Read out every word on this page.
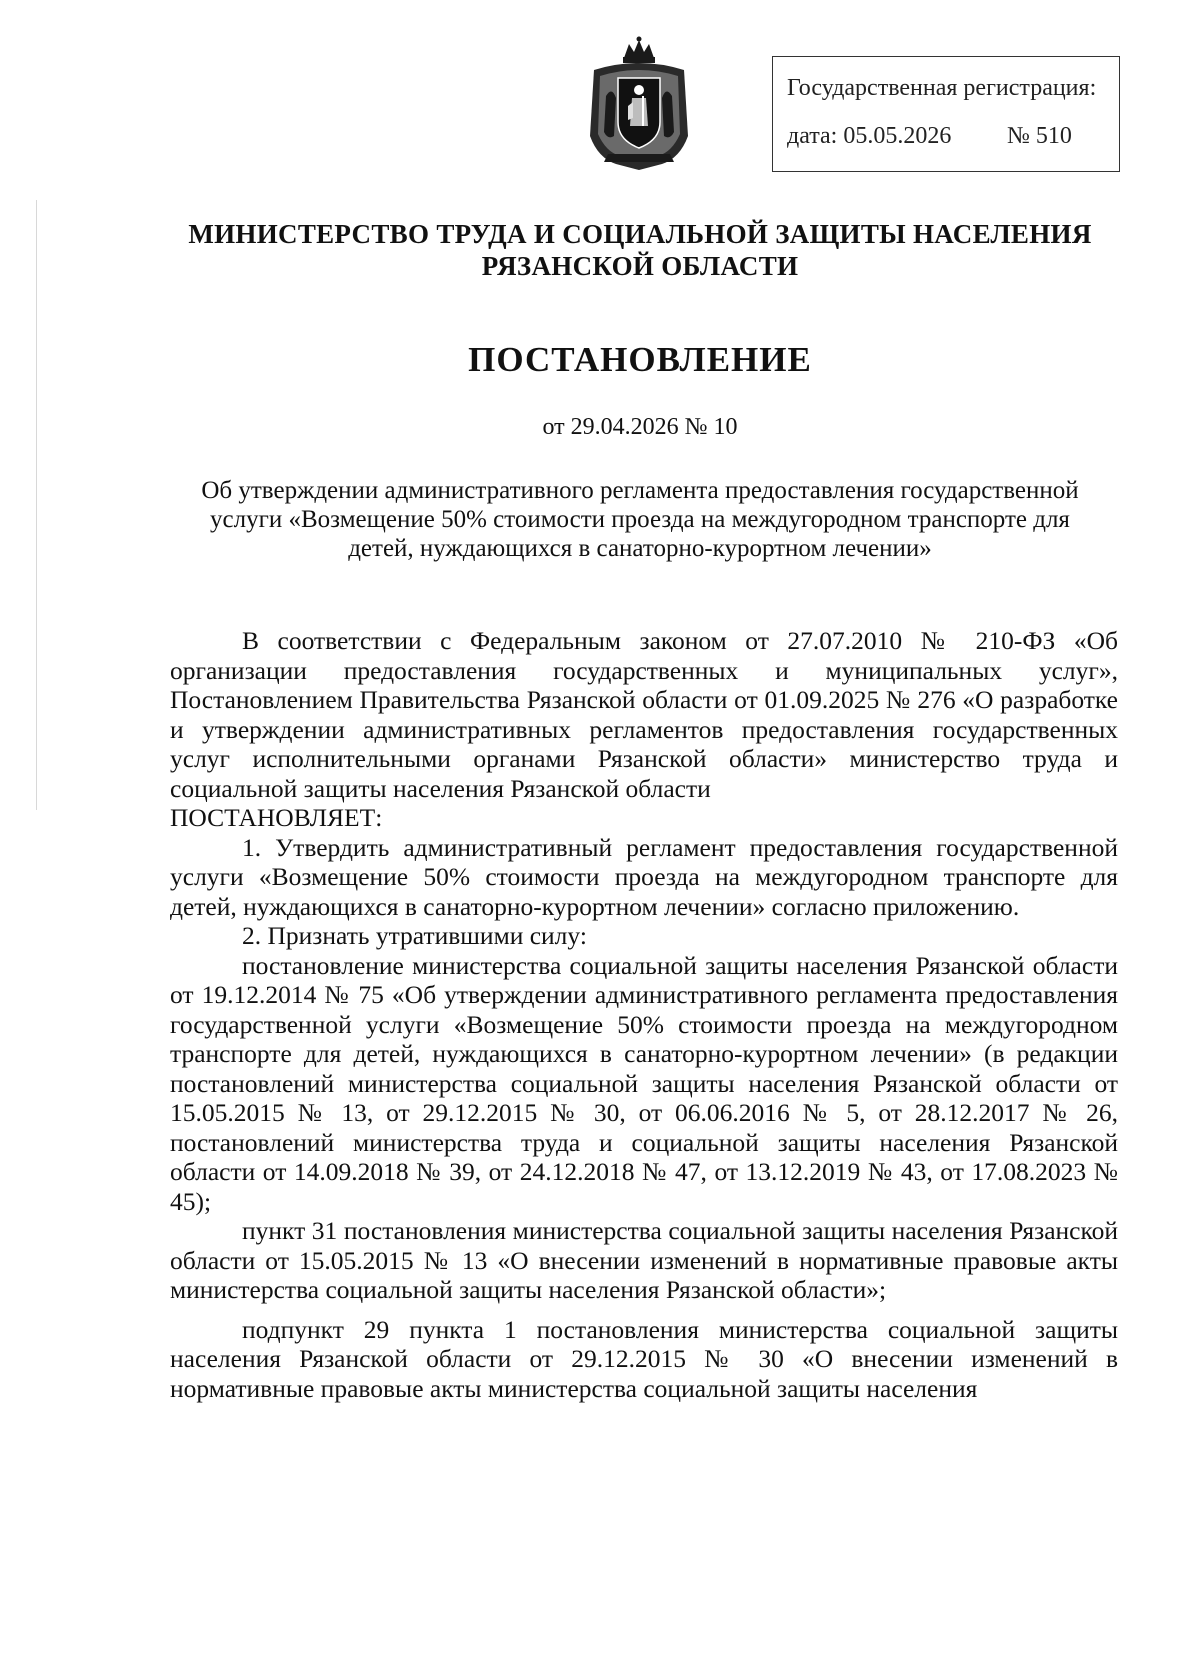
Государственная регистрация:
дата: 05.05.2026 № 510
МИНИСТЕРСТВО ТРУДА И СОЦИАЛЬНОЙ ЗАЩИТЫ НАСЕЛЕНИЯ
РЯЗАНСКОЙ ОБЛАСТИ
ПОСТАНОВЛЕНИЕ
от 29.04.2026 № 10
Об утверждении административного регламента предоставления государственной услуги «Возмещение 50% стоимости проезда на междугородном транспорте для детей, нуждающихся в санаторно-курортном лечении»

В соответствии с Федеральным законом от 27.07.2010 № 210-ФЗ «Об организации предоставления государственных и муниципальных услуг», Постановлением Правительства Рязанской области от 01.09.2025 № 276 «О разработке и утверждении административных регламентов предоставления государственных услуг исполнительными органами Рязанской области» министерство труда и социальной защиты населения Рязанской области

ПОСТАНОВЛЯЕТ:

1. Утвердить административный регламент предоставления государственной услуги «Возмещение 50% стоимости проезда на междугородном транспорте для детей, нуждающихся в санаторно-курортном лечении» согласно приложению.

2. Признать утратившими силу:

постановление министерства социальной защиты населения Рязанской области от 19.12.2014 № 75 «Об утверждении административного регламента предоставления государственной услуги «Возмещение 50% стоимости проезда на междугородном транспорте для детей, нуждающихся в санаторно-курортном лечении» (в редакции постановлений министерства социальной защиты населения Рязанской области от 15.05.2015 № 13, от 29.12.2015 № 30, от 06.06.2016 № 5, от 28.12.2017 № 26, постановлений министерства труда и социальной защиты населения Рязанской области от 14.09.2018 № 39, от 24.12.2018 № 47, от 13.12.2019 № 43, от 17.08.2023 № 45);

пункт 31 постановления министерства социальной защиты населения Рязанской области от 15.05.2015 № 13 «О внесении изменений в нормативные правовые акты министерства социальной защиты населения Рязанской области»;

подпункт 29 пункта 1 постановления министерства социальной защиты населения Рязанской области от 29.12.2015 № 30 «О внесении изменений в нормативные правовые акты министерства социальной защиты населения
